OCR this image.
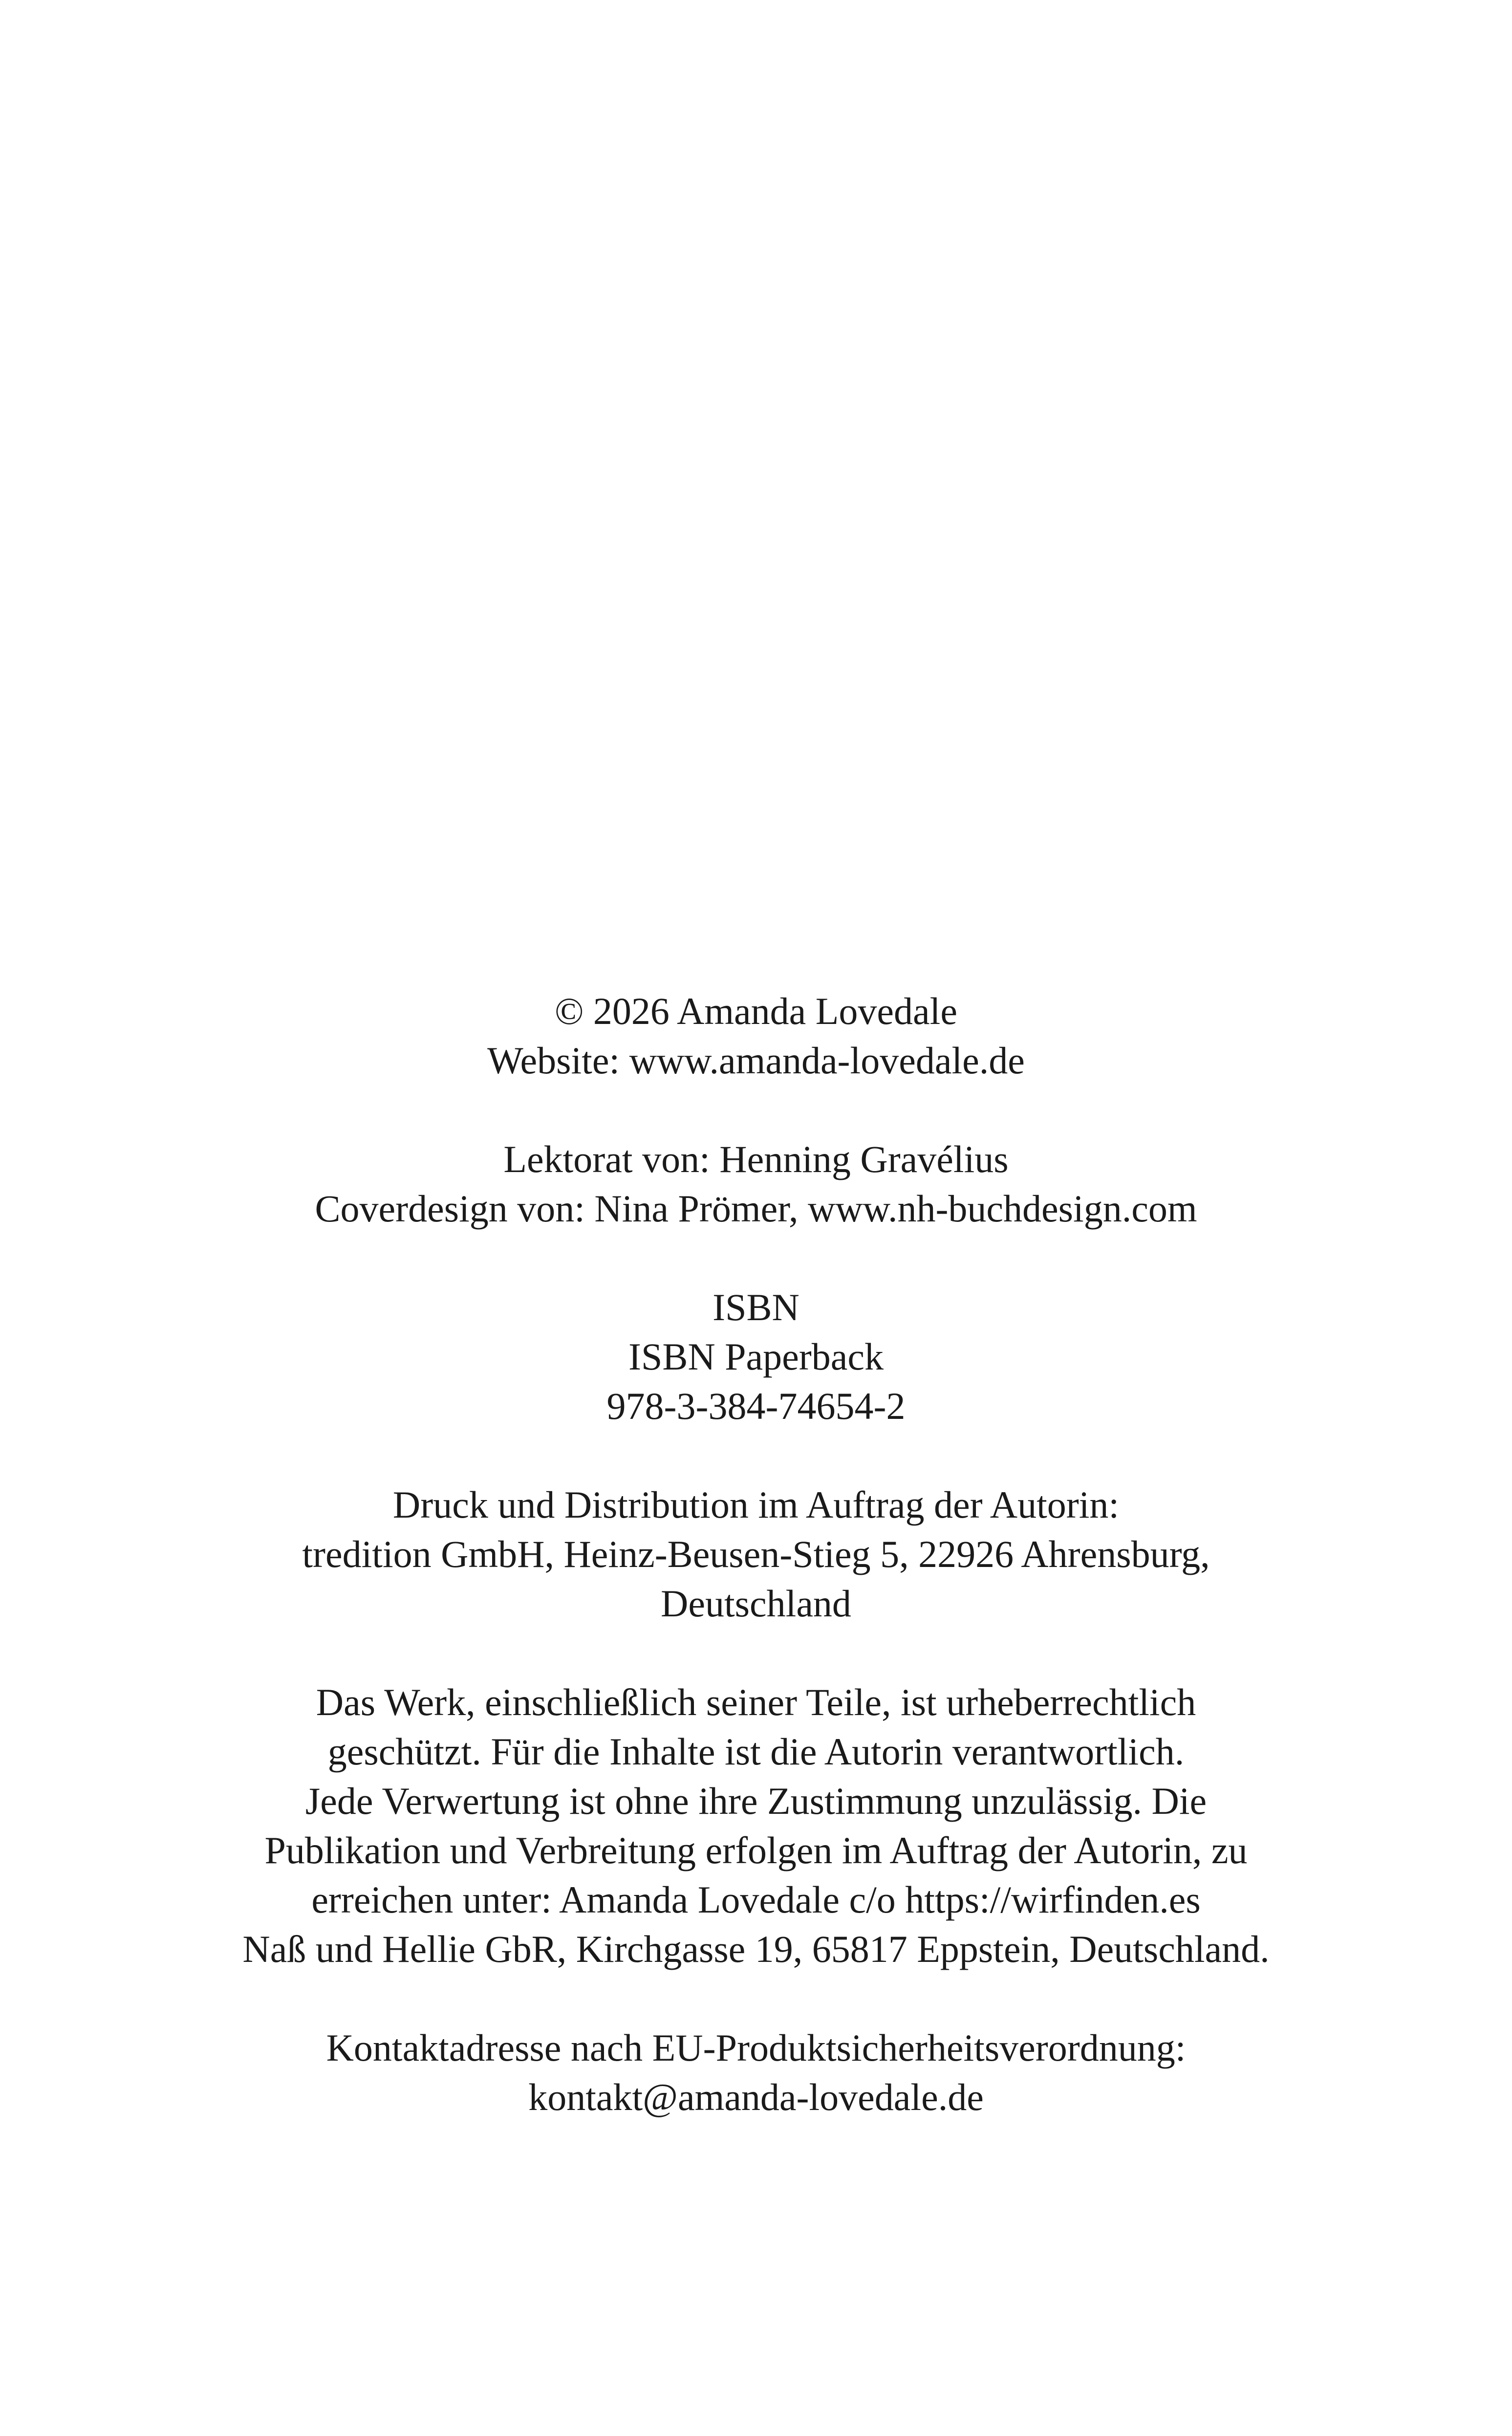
© 2026 Amanda Lovedale
Website: www.amanda-lovedale.de
Lektorat von: Henning Gravélius
Coverdesign von: Nina Prömer, www.nh-buchdesign.com
ISBN
ISBN Paperback
978-3-384-74654-2
Druck und Distribution im Auftrag der Autorin:
tredition GmbH, Heinz-Beusen-Stieg 5, 22926 Ahrensburg,
Deutschland
Das Werk, einschließlich seiner Teile, ist urheberrechtlich
geschützt. Für die Inhalte ist die Autorin verantwortlich.
Jede Verwertung ist ohne ihre Zustimmung unzulässig. Die
Publikation und Verbreitung erfolgen im Auftrag der Autorin, zu
erreichen unter: Amanda Lovedale c/o https://wirfinden.es
Naß und Hellie GbR, Kirchgasse 19, 65817 Eppstein, Deutschland.
Kontaktadresse nach EU-Produktsicherheitsverordnung:
kontakt@amanda-lovedale.de
